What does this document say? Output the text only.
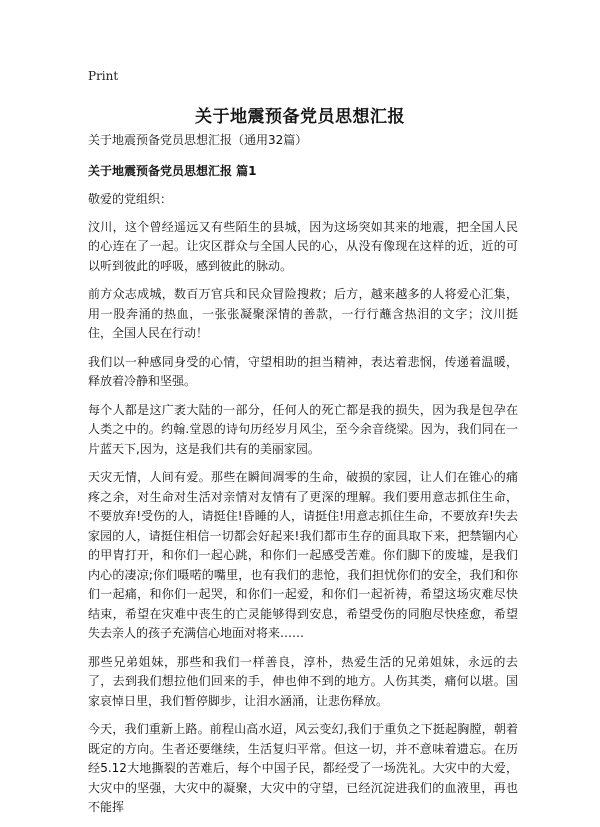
Print
关于地震预备党员思想汇报

关于地震预备党员思想汇报（通用32篇）

关于地震预备党员思想汇报 篇1

敬爱的党组织：

汶川，这个曾经遥远又有些陌生的县城，因为这场突如其来的地震，把全国人民的心连在了一起。让灾区群众与全国人民的心，从没有像现在这样的近，近的可以听到彼此的呼吸，感到彼此的脉动。

前方众志成城，数百万官兵和民众冒险搜救；后方，越来越多的人将爱心汇集，用一股奔涌的热血，一张张凝聚深情的善款，一行行蘸含热泪的文字；汶川挺住，全国人民在行动！

我们以一种感同身受的心情，守望相助的担当精神，表达着悲悯，传递着温暖，释放着冷静和坚强。

每个人都是这广袤大陆的一部分，任何人的死亡都是我的损失，因为我是包孕在人类之中的。约翰.堂恩的诗句历经岁月风尘，至今余音绕梁。因为，我们同在一片蓝天下,因为，这是我们共有的美丽家园。

天灾无情，人间有爱。那些在瞬间凋零的生命，破损的家园，让人们在锥心的痛疼之余，对生命对生活对亲情对友情有了更深的理解。我们要用意志抓住生命，不要放弃!受伤的人，请挺住!昏睡的人，请挺住!用意志抓住生命，不要放弃!失去家园的人，请挺住相信一切都会好起来!我们都市生存的面具取下来，把禁锢内心的甲胄打开，和你们一起心跳，和你们一起感受苦难。你们脚下的废墟，是我们内心的凄凉;你们嗫喏的嘴里，也有我们的悲怆，我们担忧你们的安全，我们和你们一起痛，和你们一起哭，和你们一起爱，和你们一起祈祷，希望这场灾难尽快结束，希望在灾难中丧生的亡灵能够得到安息，希望受伤的同胞尽快痊愈，希望失去亲人的孩子充满信心地面对将来……

那些兄弟姐妹，那些和我们一样善良，淳朴，热爱生活的兄弟姐妹，永远的去了，去到我们想拉他们回来的手，伸也伸不到的地方。人伤其类，痛何以堪。国家哀悼日里，我们暂停脚步，让泪水涵涌，让悲伤释放。

今天，我们重新上路。前程山高水迢，风云变幻,我们于重负之下挺起胸膛，朝着既定的方向。生者还要继续，生活复归平常。但这一切，并不意味着遗忘。在历经5.12大地撕裂的苦难后，每个中国子民，都经受了一场洗礼。大灾中的大爱，大灾中的坚强，大灾中的凝聚，大灾中的守望，已经沉淀进我们的血液里，再也不能挥
